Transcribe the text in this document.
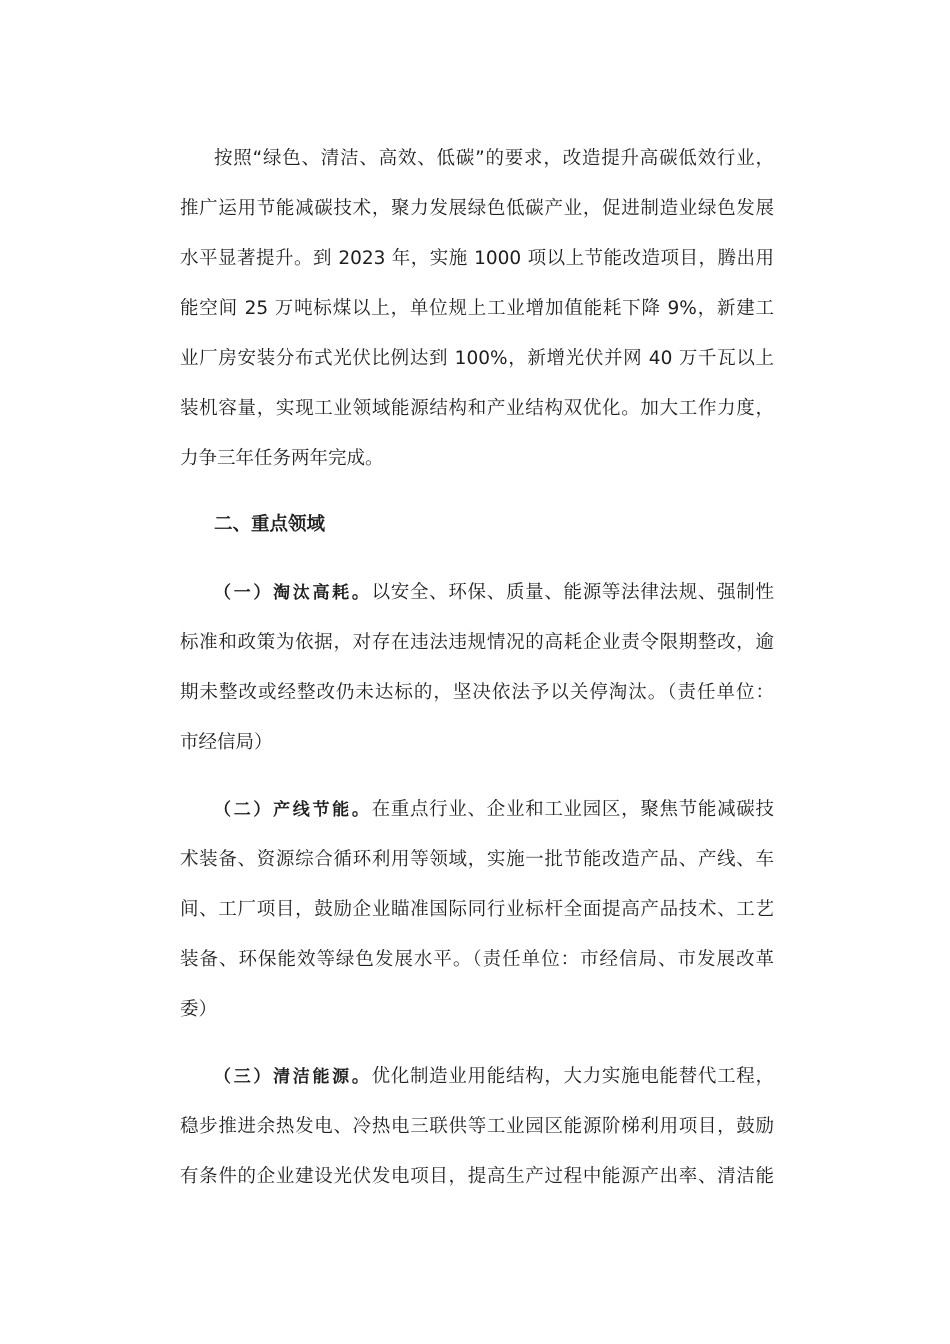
按照“绿色、清洁、高效、低碳”的要求，改造提升高碳低效行业，
推广运用节能减碳技术，聚力发展绿色低碳产业，促进制造业绿色发展
水平显著提升。到 2023 年，实施 1000 项以上节能改造项目，腾出用
能空间 25 万吨标煤以上，单位规上工业增加值能耗下降 9%，新建工
业厂房安装分布式光伏比例达到 100%，新增光伏并网 40 万千瓦以上
装机容量，实现工业领域能源结构和产业结构双优化。加大工作力度，
力争三年任务两年完成。
二、重点领域
（一）淘汰高耗。以安全、环保、质量、能源等法律法规、强制性
标准和政策为依据，对存在违法违规情况的高耗企业责令限期整改，逾
期未整改或经整改仍未达标的，坚决依法予以关停淘汰。（责任单位：
市经信局）
（二）产线节能。在重点行业、企业和工业园区，聚焦节能减碳技
术装备、资源综合循环利用等领域，实施一批节能改造产品、产线、车
间、工厂项目，鼓励企业瞄准国际同行业标杆全面提高产品技术、工艺
装备、环保能效等绿色发展水平。（责任单位：市经信局、市发展改革
委）
（三）清洁能源。优化制造业用能结构，大力实施电能替代工程，
稳步推进余热发电、冷热电三联供等工业园区能源阶梯利用项目，鼓励
有条件的企业建设光伏发电项目，提高生产过程中能源产出率、清洁能
